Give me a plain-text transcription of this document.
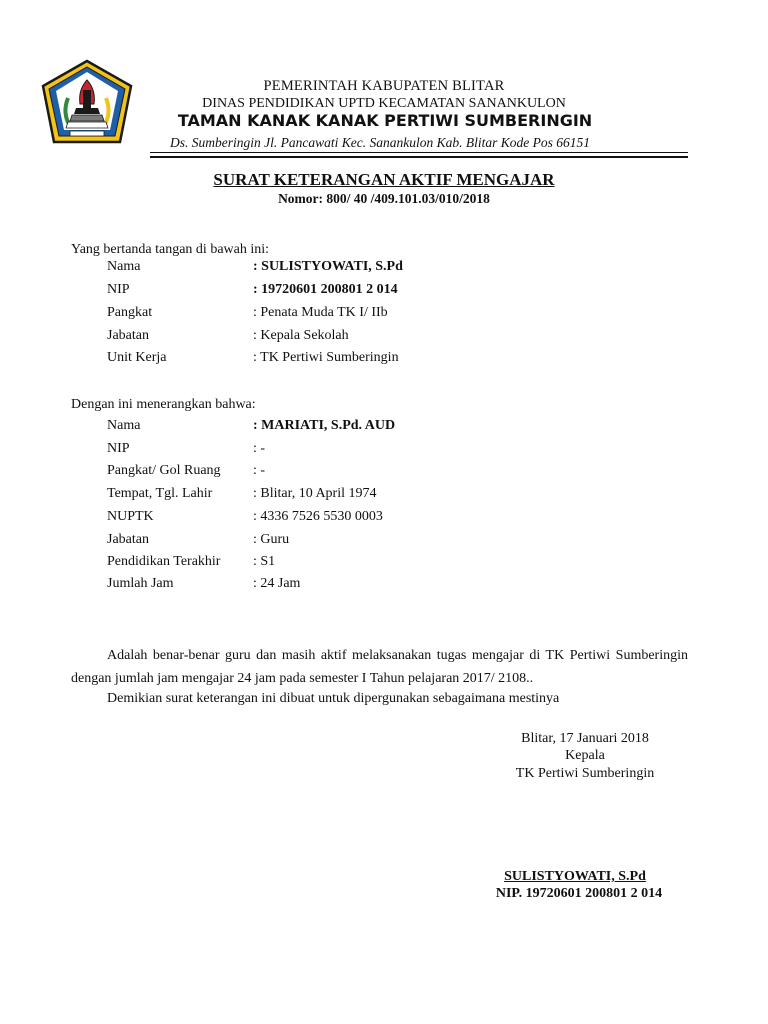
PEMERINTAH KABUPATEN BLITAR
DINAS PENDIDIKAN UPTD KECAMATAN SANANKULON
TAMAN KANAK KANAK PERTIWI SUMBERINGIN
Ds. Sumberingin Jl. Pancawati Kec. Sanankulon Kab. Blitar Kode Pos 66151
SURAT KETERANGAN AKTIF MENGAJAR
Nomor: 800/ 40 /409.101.03/010/2018
Yang bertanda tangan di bawah ini:
Nama	: SULISTYOWATI, S.Pd
NIP	: 19720601 200801 2 014
Pangkat	: Penata Muda TK I/ IIb
Jabatan	: Kepala Sekolah
Unit Kerja	: TK Pertiwi Sumberingin
Dengan ini menerangkan bahwa:
Nama	: MARIATI, S.Pd. AUD
NIP	: -
Pangkat/ Gol Ruang : -
Tempat, Tgl. Lahir	: Blitar, 10 April 1974
NUPTK	: 4336 7526 5530 0003
Jabatan	: Guru
Pendidikan Terakhir : S1
Jumlah Jam	: 24 Jam
Adalah benar-benar guru dan masih aktif melaksanakan tugas mengajar di TK Pertiwi Sumberingin dengan jumlah jam mengajar 24 jam pada semester I Tahun pelajaran 2017/ 2108..
Demikian surat keterangan ini dibuat untuk dipergunakan sebagaimana mestinya
Blitar, 17 Januari 2018
Kepala
TK Pertiwi Sumberingin
SULISTYOWATI, S.Pd
NIP. 19720601 200801 2 014
